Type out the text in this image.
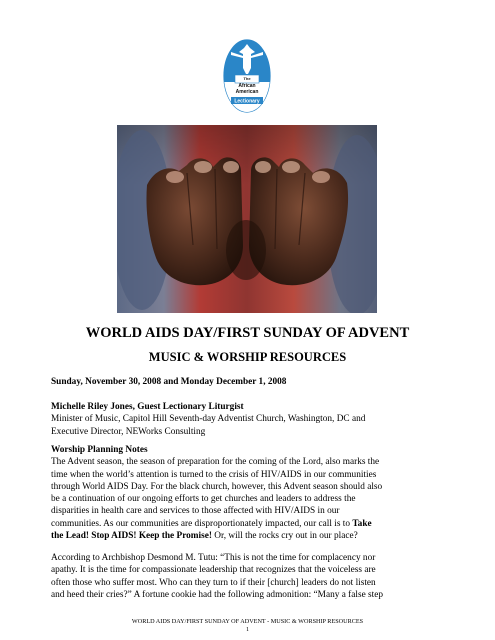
The
African
American
Lectionary
WORLD AIDS DAY/FIRST SUNDAY OF ADVENT
MUSIC & WORSHIP RESOURCES
Sunday, November 30, 2008 and Monday December 1, 2008
Michelle Riley Jones, Guest Lectionary Liturgist
Minister of Music, Capitol Hill Seventh-day Adventist Church, Washington, DC and
Executive Director, NEWorks Consulting
Worship Planning Notes
The Advent season, the season of preparation for the coming of the Lord, also marks the
time when the world’s attention is turned to the crisis of HIV/AIDS in our communities
through World AIDS Day. For the black church, however, this Advent season should also
be a continuation of our ongoing efforts to get churches and leaders to address the
disparities in health care and services to those affected with HIV/AIDS in our
communities. As our communities are disproportionately impacted, our call is to Take
the Lead! Stop AIDS! Keep the Promise! Or, will the rocks cry out in our place?
According to Archbishop Desmond M. Tutu: “This is not the time for complacency nor
apathy. It is the time for compassionate leadership that recognizes that the voiceless are
often those who suffer most. Who can they turn to if their [church] leaders do not listen
and heed their cries?” A fortune cookie had the following admonition: “Many a false step
WORLD AIDS DAY/FIRST SUNDAY OF ADVENT - MUSIC & WORSHIP RESOURCES
1
